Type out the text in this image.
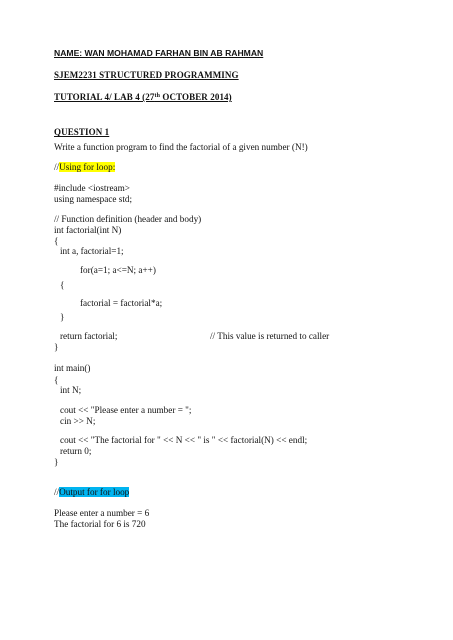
NAME: WAN MOHAMAD FARHAN BIN AB RAHMAN
SJEM2231 STRUCTURED PROGRAMMING
TUTORIAL 4/ LAB 4 (27th OCTOBER 2014)
QUESTION 1
Write a function program to find the factorial of a given number (N!)
//Using for loop:
#include <iostream>
using namespace std;
// Function definition (header and body)
int factorial(int N)
{
int a, factorial=1;
for(a=1; a<=N; a++)
{
factorial = factorial*a;
}
return factorial;	// This value is returned to caller
}
int main()
{
int N;
cout << "Please enter a number = ";
cin >> N;
cout << "The factorial for " << N << " is " << factorial(N) << endl;
return 0;
}
//Output for for loop
Please enter a number = 6
The factorial for 6 is 720
